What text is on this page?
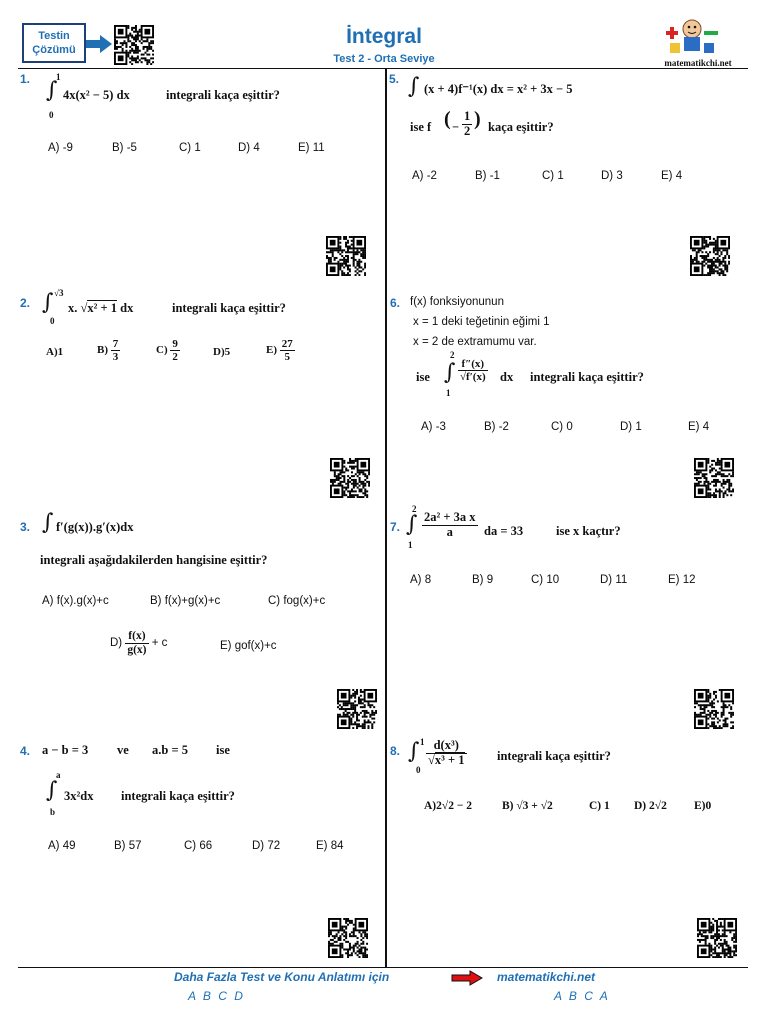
Testin
Çözümü
İntegral
Test 2 - Orta Seviye	matematikchi.net
1.	1
∫
0
4x(x² − 5) dx	integrali kaça eşittir?
A) -9	B) -5	C) 1	D) 4	E) 11
2.
√3
∫
0
x. √x² + 1 dx	integrali kaça eşittir?
A)1	$B) \frac{7}{3}$	$C) \frac{9}{2}$	D)5	$E) \frac{27}{5}$
3. ∫ f′(g(x)).g′(x)dx
integrali aşağıdakilerden hangisine eşittir?
A) f(x).g(x)+c	B) f(x)+g(x)+c	C) fog(x)+c
$D) \frac{f(x)}{g(x)} + c$	E) gof(x)+c
4. a − b = 3 ve a.b = 5 ise
a
∫
b
3x²dx integrali kaça eşittir?
A) 49	B) 57	C) 66	D) 72	E) 84
5. ∫ (x + 4)f⁻¹(x) dx = x² + 3x − 5
ise f ( − $\frac{1}{2}$ ) kaça eşittir?
A) -2	B) -1	C) 1	D) 3	E) 4
6. f(x) fonksiyonunun
x = 1 deki teğetinin eğimi 1
x = 2 de extramumu var.
ise
2
∫
1
$\frac{f''(x)}{√f'(x)}$ dx integrali kaça eşittir?
A) -3	B) -2	C) 0	D) 1	E) 4
7.
2
∫
1
$\frac{\text{2a² + 3a x}}{a}$ da = 33	ise x kaçtır?
A) 8	B) 9	C) 10	D) 11	E) 12
8.
1
∫
0
$\frac{\text{d(x³)}}{\text{√x³ + 1}}$ integrali kaça eşittir?
A)2√2 − 2	B) √3 + √2	C) 1 D) 2√2 E)0
Daha Fazla Test ve Konu Anlatımı için	matematikchi.net
A B C D	A B C A
